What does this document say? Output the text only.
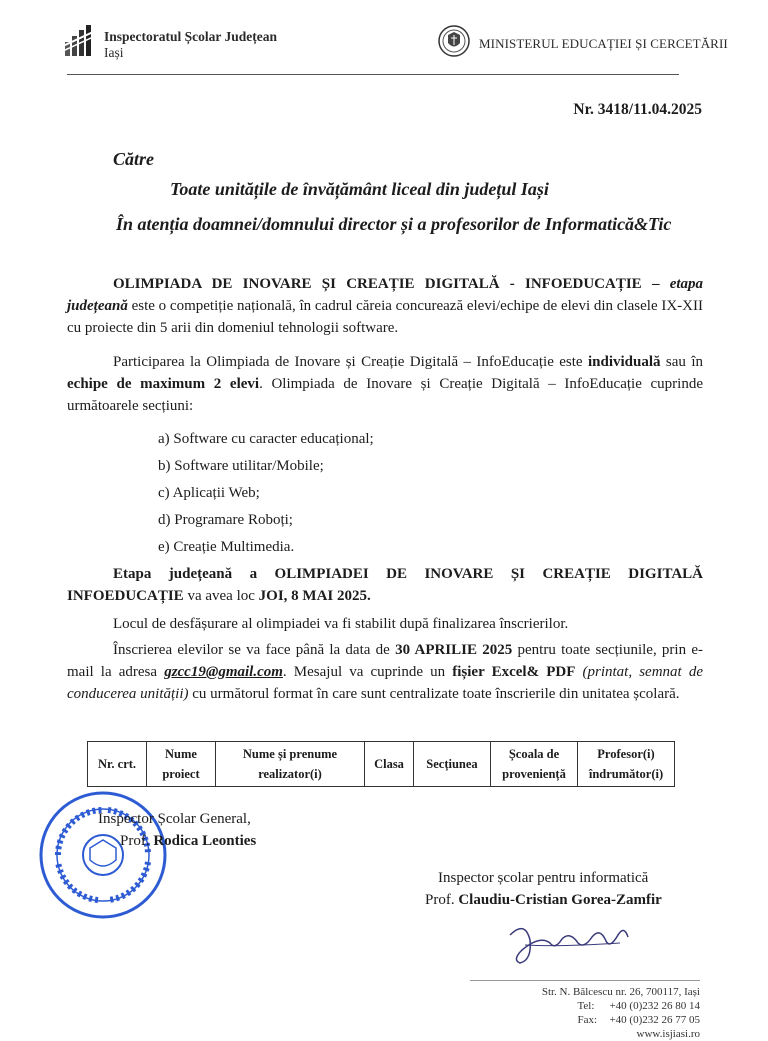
Inspectoratul Școlar Județean
Iași
MINISTERUL EDUCAȚIEI ȘI CERCETĂRII
Nr. 3418/11.04.2025
Către
Toate unitățile de învățământ liceal din județul Iași
În atenția doamnei/domnului director și a profesorilor de Informatică&Tic
OLIMPIADA DE INOVARE ȘI CREAȚIE DIGITALĂ - INFOEDUCAȚIE – etapa județeană este o competiție națională, în cadrul căreia concurează elevi/echipe de elevi din clasele IX-XII cu proiecte din 5 arii din domeniul tehnologii software.
Participarea la Olimpiada de Inovare și Creație Digitală – InfoEducație este individuală sau în echipe de maximum 2 elevi. Olimpiada de Inovare și Creație Digitală – InfoEducație cuprinde următoarele secțiuni:
a) Software cu caracter educațional;
b) Software utilitar/Mobile;
c) Aplicații Web;
d) Programare Roboți;
e) Creație Multimedia.
Etapa județeană a OLIMPIADEI DE INOVARE ȘI CREAȚIE DIGITALĂ INFOEDUCAȚIE va avea loc JOI, 8 MAI 2025.
Locul de desfășurare al olimpiadei va fi stabilit după finalizarea înscrierilor.
Înscrierea elevilor se va face până la data de 30 APRILIE 2025 pentru toate secțiunile, prin e-mail la adresa gzcc19@gmail.com. Mesajul va cuprinde un fișier Excel& PDF (printat, semnat de conducerea unității) cu următorul format în care sunt centralizate toate înscrierile din unitatea școlară.
Nr. crt.	Nume proiect	Nume și prenume realizator(i)	Clasa	Secțiunea	Școala de proveniență	Profesor(i) îndrumător(i)
Inspector Școlar General,
Prof. Rodica Leonties
Inspector școlar pentru informatică
Prof. Claudiu-Cristian Gorea-Zamfir
Str. N. Bălcescu nr. 26, 700117, Iași
Tel: +40 (0)232 26 80 14
Fax: +40 (0)232 26 77 05
www.isjiasi.ro
